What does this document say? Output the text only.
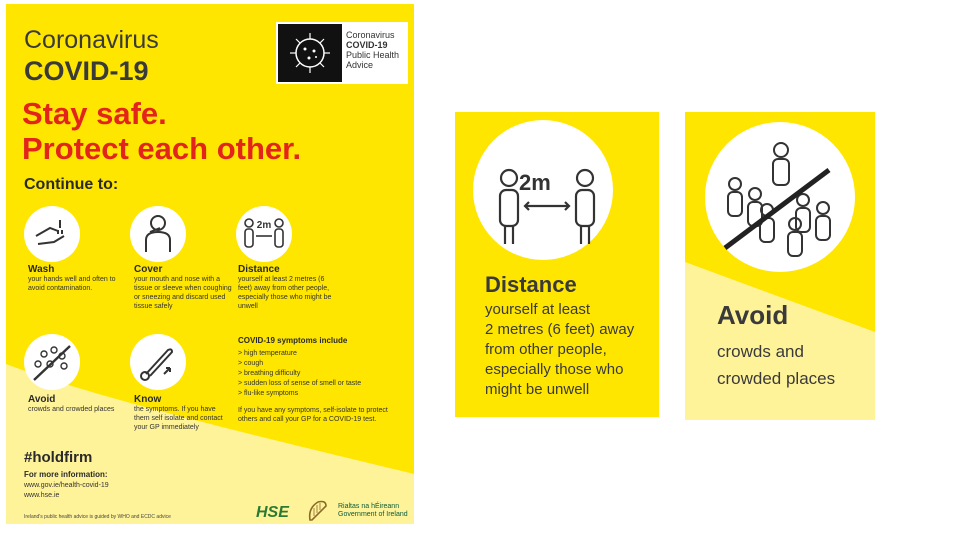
Coronavirus
COVID-19
Coronavirus
COVID-19
Public Health
Advice
Stay safe.
Protect each other.
Continue to:
2m
Wash
your hands well and often to avoid contamination.
Cover
your mouth and nose with a tissue or sleeve when coughing or sneezing and discard used tissue safely
Distance
yourself at least 2 metres (6 feet) away from other people, especially those who might be unwell
Avoid
crowds and crowded places
Know
the symptoms. If you have them self isolate and contact your GP immediately
COVID-19 symptoms include
> high temperature
> cough
> breathing difficulty
> sudden loss of sense of smell or taste
> flu-like symptoms
If you have any symptoms, self-isolate to protect others and call your GP for a COVID-19 test.
#holdfirm
For more information:
www.gov.ie/health-covid-19
www.hse.ie
Ireland's public health advice is guided by WHO and ECDC advice	HSE	Rialtas na hÉireann
Government of Ireland
2m
Distance
yourself at least
2 metres (6 feet) away
from other people,
especially those who
might be unwell
Avoid
crowds and
crowded places
